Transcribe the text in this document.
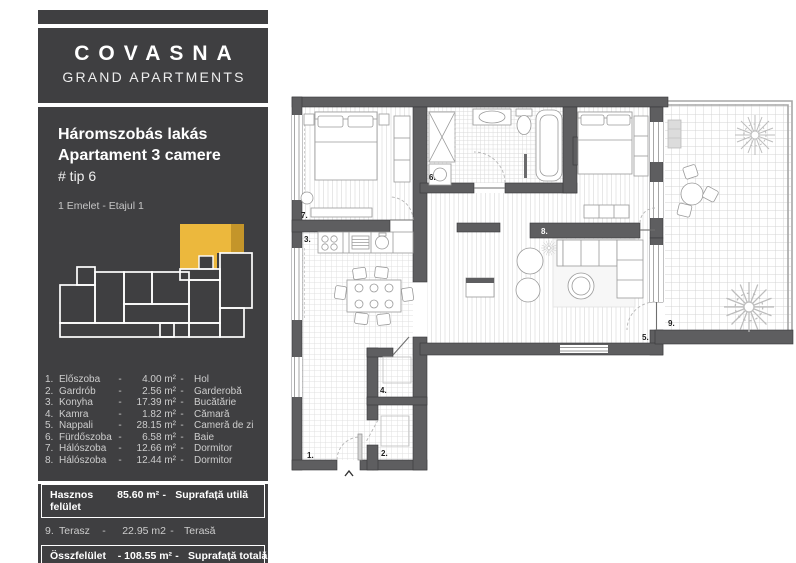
COVASNA
GRAND APARTMENTS
Háromszobás lakás
Apartament 3 camere
# tip 6
1 Emelet - Etajul 1
1. Előszoba	-	4.00 m² -	Hol
2. Gardrób	-	2.56 m² -	Garderobă
3. Konyha	-	17.39 m² -	Bucătărie
4. Kamra	-	1.82 m² -	Cămară
5. Nappali	-	28.15 m² -	Cameră de zi
6. Fürdőszoba -	6.58 m² -	Baie
7. Hálószoba	-	12.66 m² -	Dormitor
8. Hálószoba	-	12.44 m² -	Dormitor
Hasznos felület
85.60 m² - Suprafață utilă
9. Terasz	-	22.95 m2 - Terasă
Összfelület	- 108.55 m² - Suprafață totală
1.	2.
3.
4.
5.
6.
7.
8.
9.
